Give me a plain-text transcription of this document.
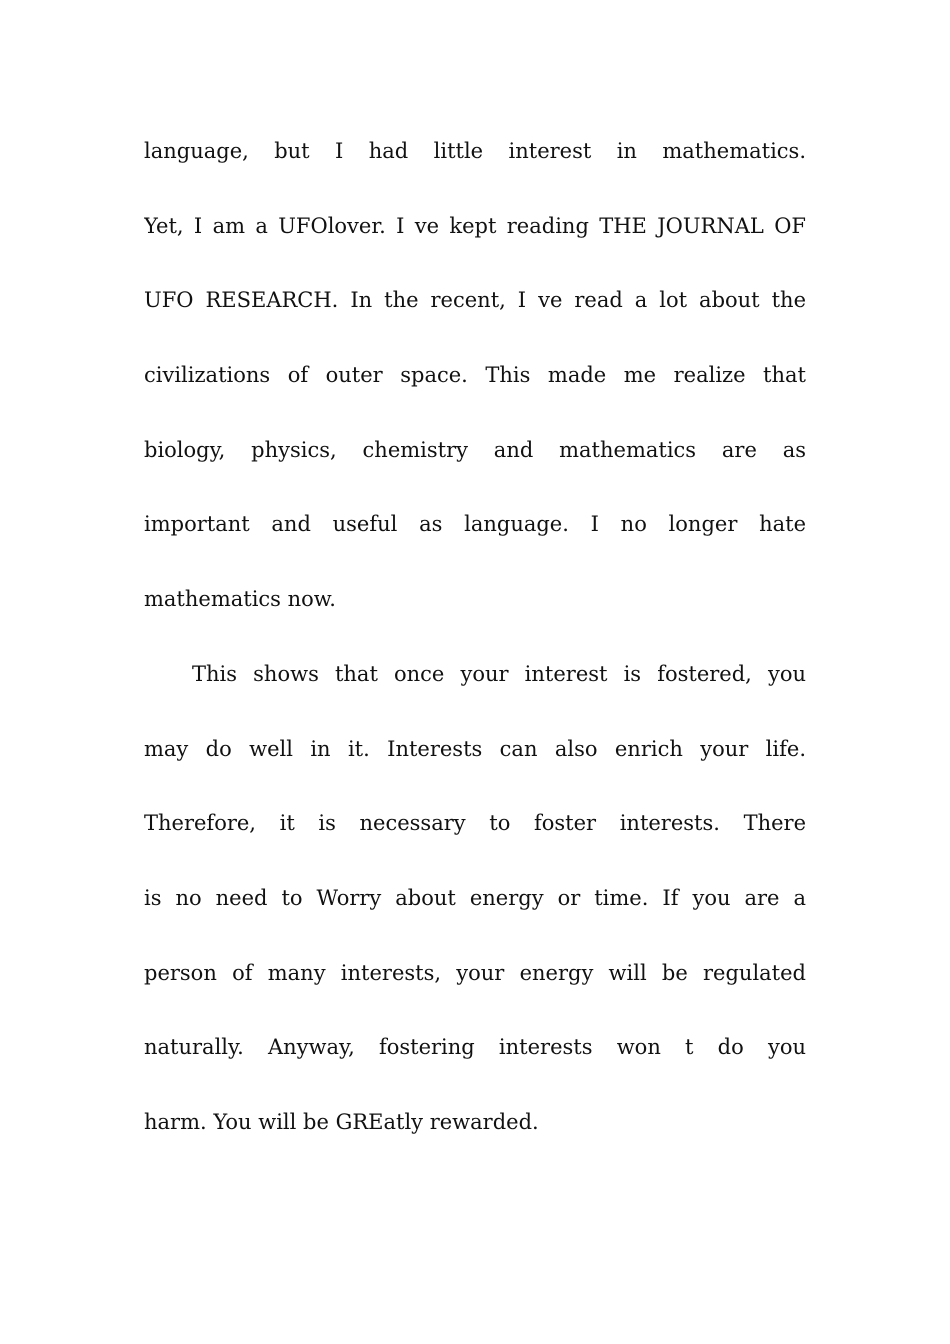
language, but I had little interest in mathematics.
Yet, I am a UFOlover. I ve kept reading THE JOURNAL OF
UFO RESEARCH. In the recent, I ve read a lot about the
civilizations of outer space. This made me realize that
biology, physics, chemistry and mathematics are as
important and useful as language. I no longer hate
mathematics now.
This shows that once your interest is fostered, you
may do well in it. Interests can also enrich your life.
Therefore, it is necessary to foster interests. There
is no need to Worry about energy or time. If you are a
person of many interests, your energy will be regulated
naturally. Anyway, fostering interests won t do you
harm. You will be GREatly rewarded.
